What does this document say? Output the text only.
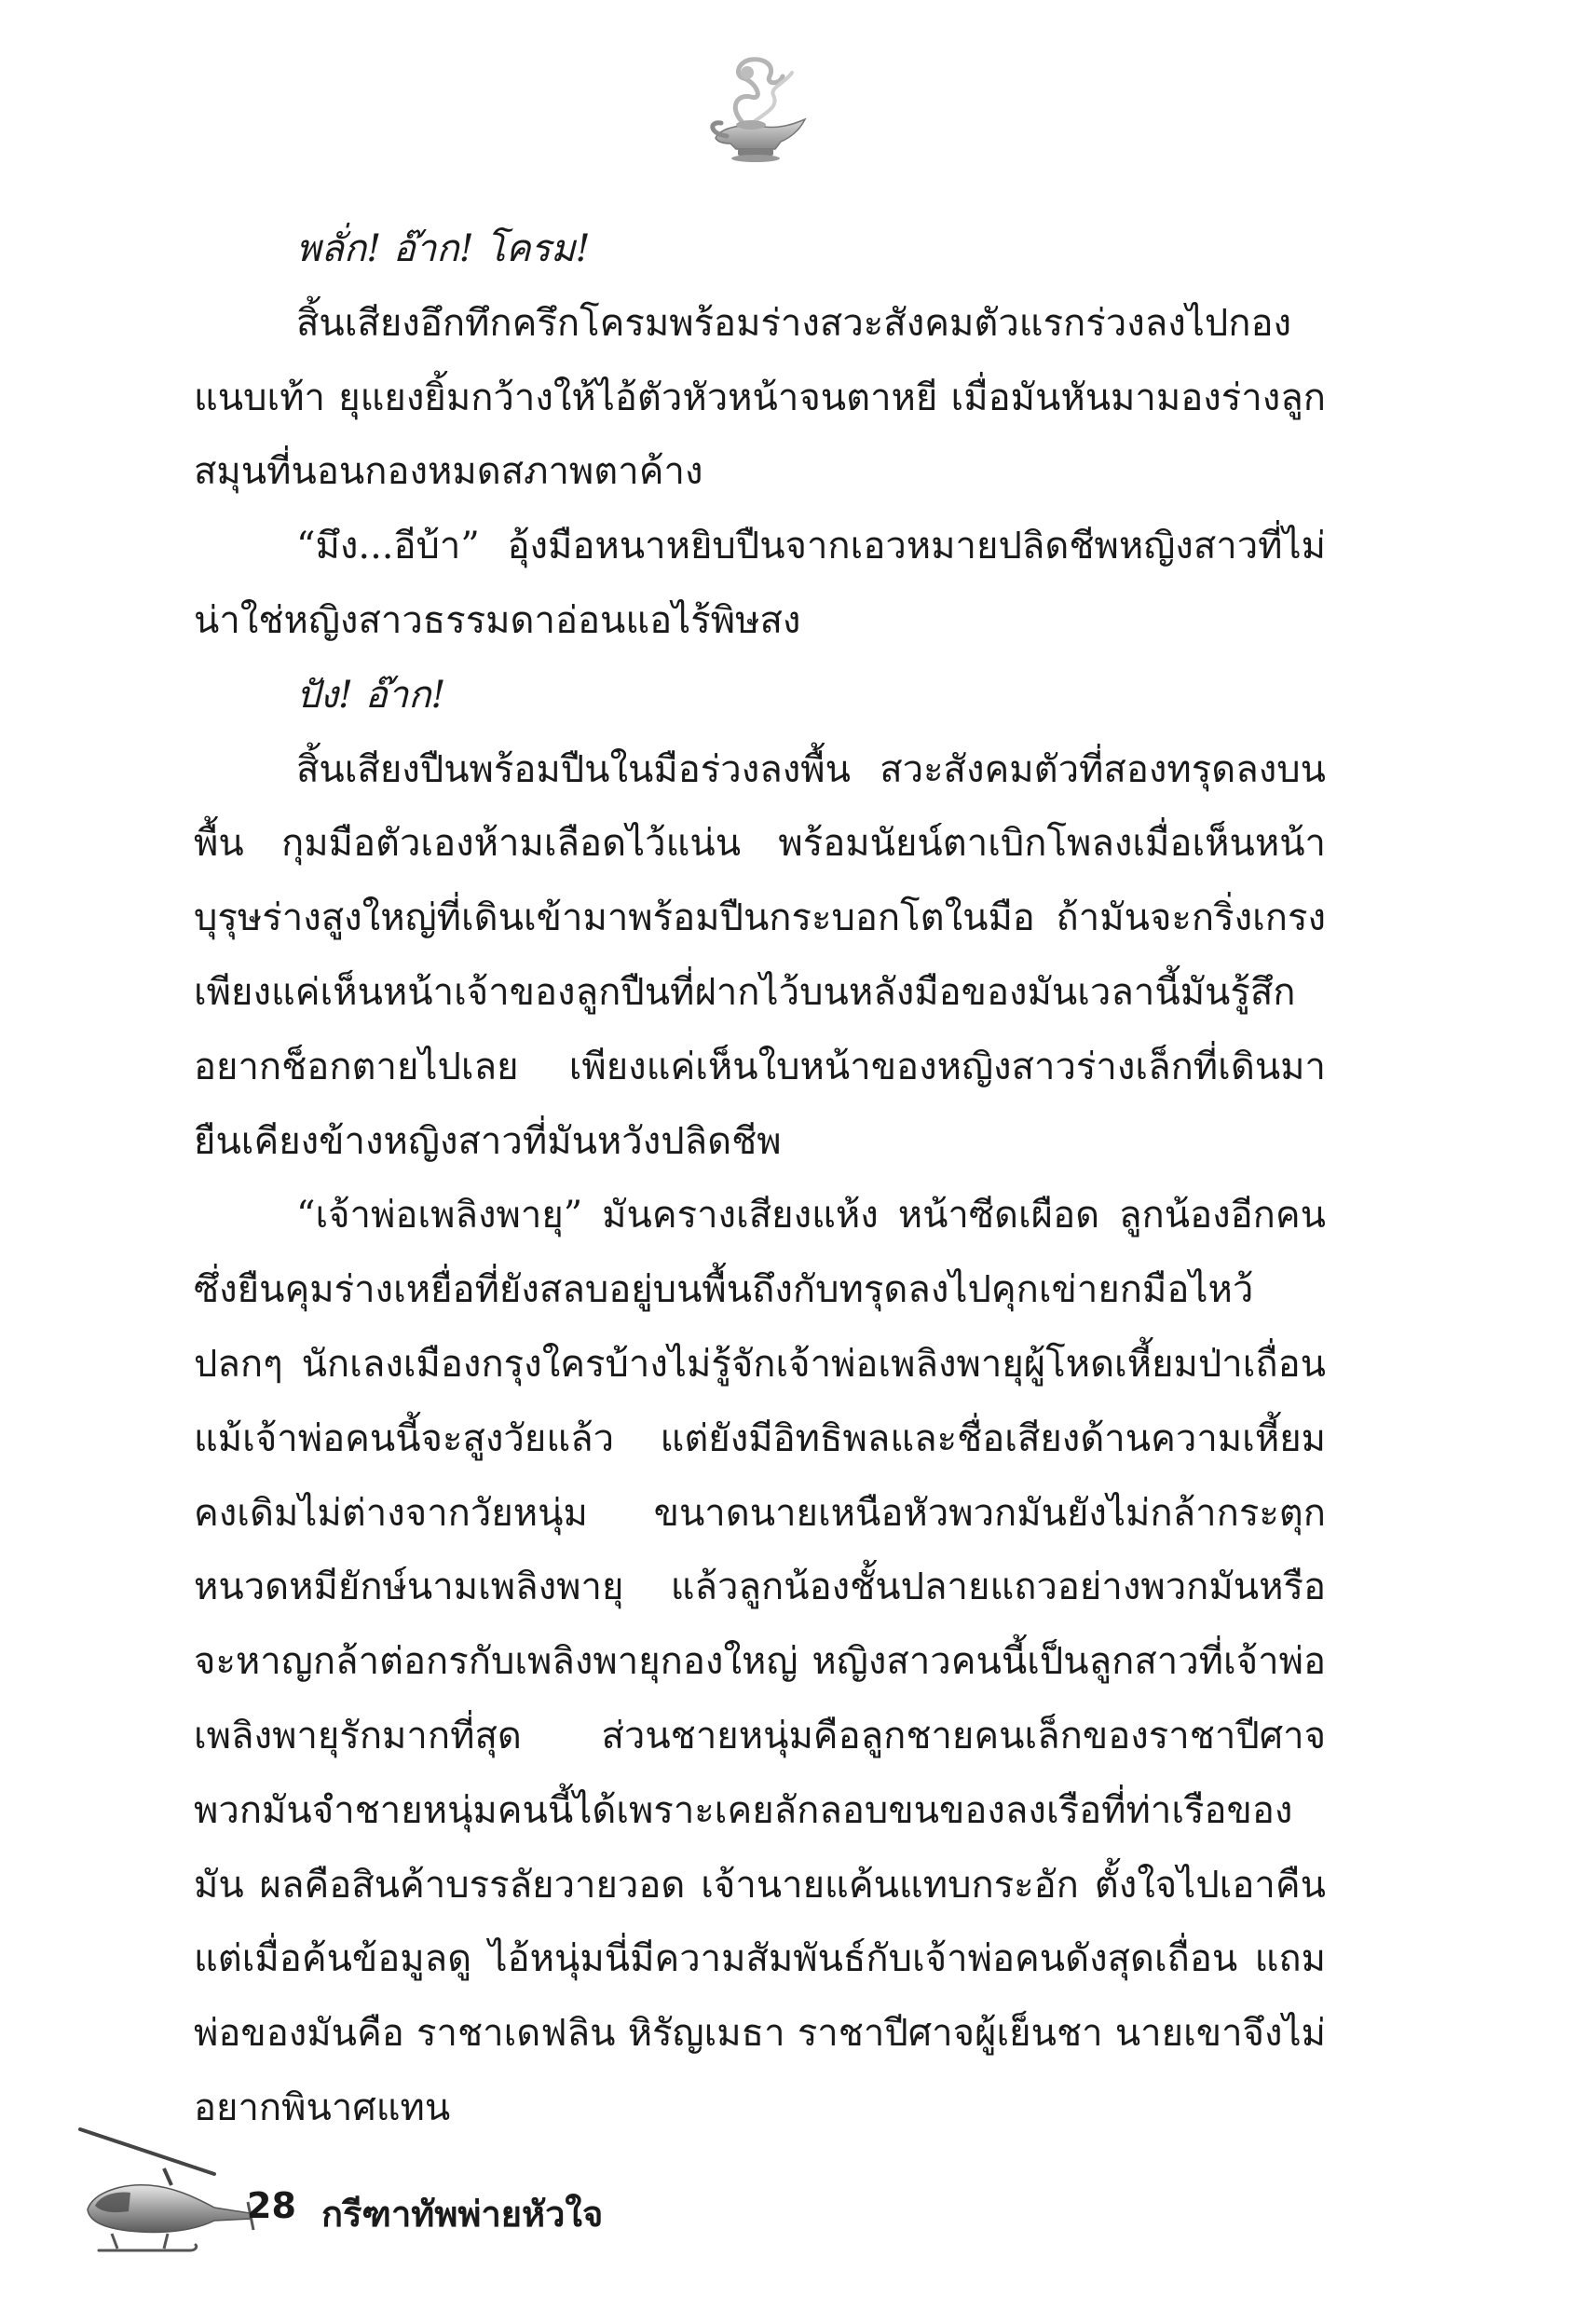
พลั่ก! อ๊าก! โครม!

สิ้นเสียงอึกทึกครึกโครมพร้อมร่างสวะสังคมตัวแรกร่วงลงไปกองแนบเท้า ยุแยงยิ้มกว้างให้ไอ้ตัวหัวหน้าจนตาหยี เมื่อมันหันมามองร่างลูกสมุนที่นอนกองหมดสภาพตาค้าง

“มึง...อีบ้า” อุ้งมือหนาหยิบปืนจากเอวหมายปลิดชีพหญิงสาวที่ไม่น่าใช่หญิงสาวธรรมดาอ่อนแอไร้พิษสง

ปัง! อ๊าก!

สิ้นเสียงปืนพร้อมปืนในมือร่วงลงพื้น สวะสังคมตัวที่สองทรุดลงบนพื้น กุมมือตัวเองห้ามเลือดไว้แน่น พร้อมนัยน์ตาเบิกโพลงเมื่อเห็นหน้าบุรุษร่างสูงใหญ่ที่เดินเข้ามาพร้อมปืนกระบอกโตในมือ ถ้ามันจะกริ่งเกรงเพียงแค่เห็นหน้าเจ้าของลูกปืนที่ฝากไว้บนหลังมือของมันเวลานี้มันรู้สึกอยากช็อกตายไปเลย เพียงแค่เห็นใบหน้าของหญิงสาวร่างเล็กที่เดินมายืนเคียงข้างหญิงสาวที่มันหวังปลิดชีพ

“เจ้าพ่อเพลิงพายุ” มันครางเสียงแห้ง หน้าซีดเผือด ลูกน้องอีกคนซึ่งยืนคุมร่างเหยื่อที่ยังสลบอยู่บนพื้นถึงกับทรุดลงไปคุกเข่ายกมือไหว้ปลกๆ นักเลงเมืองกรุงใครบ้างไม่รู้จักเจ้าพ่อเพลิงพายุผู้โหดเหี้ยมป่าเถื่อน แม้เจ้าพ่อคนนี้จะสูงวัยแล้ว แต่ยังมีอิทธิพลและชื่อเสียงด้านความเหี้ยมคงเดิมไม่ต่างจากวัยหนุ่ม ขนาดนายเหนือหัวพวกมันยังไม่กล้ากระตุกหนวดหมียักษ์นามเพลิงพายุ แล้วลูกน้องชั้นปลายแถวอย่างพวกมันหรือจะหาญกล้าต่อกรกับเพลิงพายุกองใหญ่ หญิงสาวคนนี้เป็นลูกสาวที่เจ้าพ่อเพลิงพายุรักมากที่สุด ส่วนชายหนุ่มคือลูกชายคนเล็กของราชาปีศาจ พวกมันจำชายหนุ่มคนนี้ได้เพราะเคยลักลอบขนของลงเรือที่ท่าเรือของมัน ผลคือสินค้าบรรลัยวายวอด เจ้านายแค้นแทบกระอัก ตั้งใจไปเอาคืน แต่เมื่อค้นข้อมูลดู ไอ้หนุ่มนี่มีความสัมพันธ์กับเจ้าพ่อคนดังสุดเถื่อน แถมพ่อของมันคือ ราชาเดฟลิน หิรัญเมธา ราชาปีศาจผู้เย็นชา นายเขาจึงไม่อยากพินาศแทน

28 กรีฑาทัพพ่ายหัวใจ
